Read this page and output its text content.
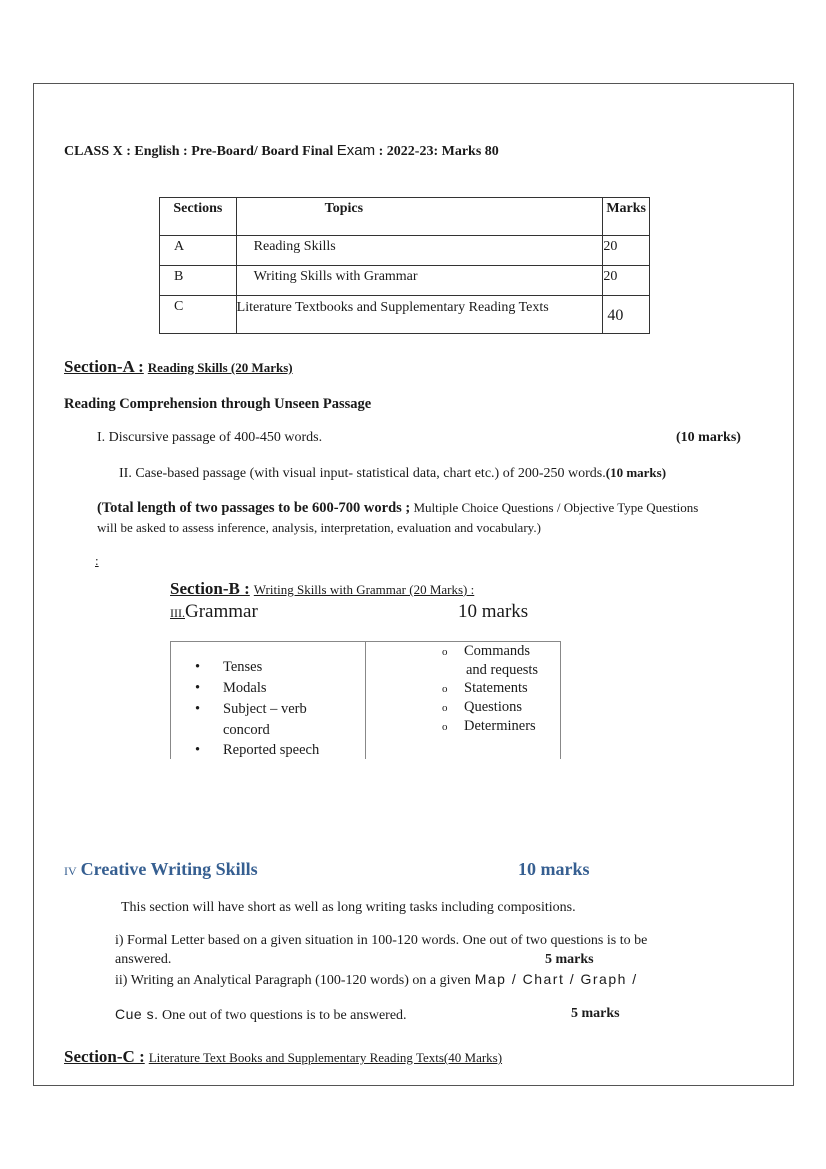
CLASS X : English : Pre-Board/ Board Final Exam : 2022-23: Marks 80
Sections	Topics	Marks
A	Reading Skills	20
B	Writing Skills with Grammar	20
C	Literature Textbooks and Supplementary Reading Texts	40
Section-A : Reading Skills (20 Marks)
Reading Comprehension through Unseen Passage
I. Discursive passage of 400-450 words.	(10 marks)
II. Case-based passage (with visual input- statistical data, chart etc.) of 200-250 words.(10 marks)
(Total length of two passages to be 600-700 words ; Multiple Choice Questions / Objective Type Questions
will be asked to assess inference, analysis, interpretation, evaluation and vocabulary.)
:
Section-B : Writing Skills with Grammar (20 Marks) :
III.Grammar	10 marks
• Tenses
• Modals
• Subject – verb
concord
• Reported speech
o Commands
and requests
o Statements
o Questions
o Determiners
IV Creative Writing Skills	10 marks
This section will have short as well as long writing tasks including compositions.
i) Formal Letter based on a given situation in 100-120 words. One out of two questions is to be
answered.	5 marks
ii) Writing an Analytical Paragraph (100-120 words) on a given Map / Chart / Graph /
Cue s. One out of two questions is to be answered.	5 marks
Section-C : Literature Text Books and Supplementary Reading Texts(40 Marks)
